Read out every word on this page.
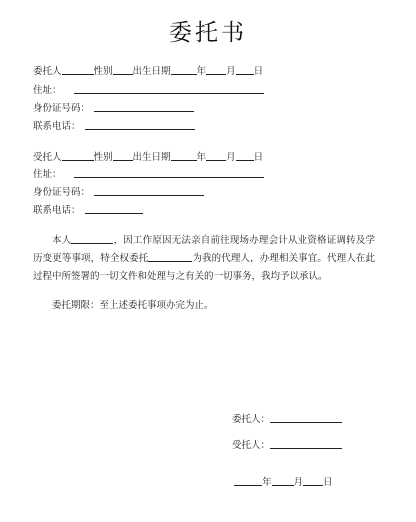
委托书
委托人	性别 出生日期	年 月 日
住址：
身份证号码：
联系电话：
受托人	性别 出生日期	年 月 日
住址：
身份证号码：
联系电话：
本人	，因工作原因无法亲自前往现场办理会计从业资格证调转及学历变更等事项，特全权委托	为我的代理人，办理相关事宜。代理人在此过程中所签署的一切文件和处理与之有关的一切事务，我均予以承认。
委托期限：至上述委托事项办完为止。
委托人：
受托人：
年 月 日
